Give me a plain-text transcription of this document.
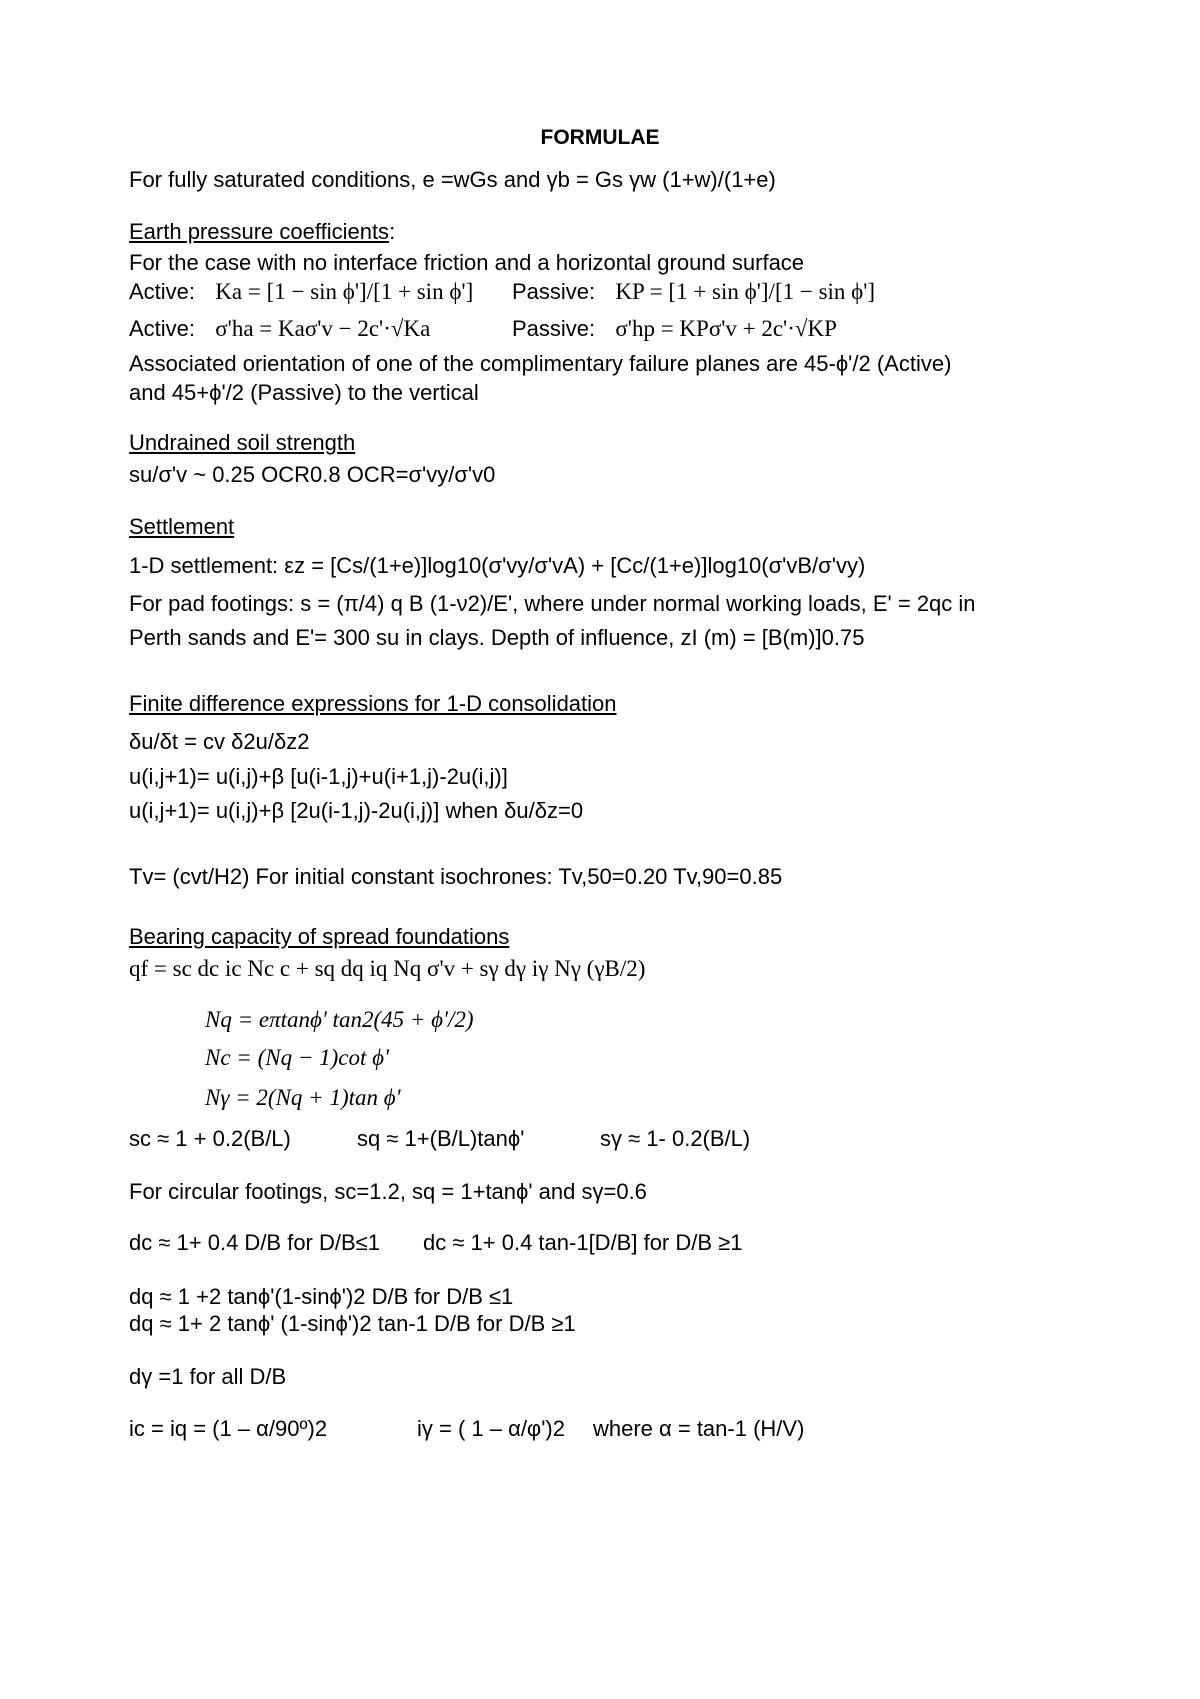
FORMULAE
For fully saturated conditions, e =wGs and γb = Gs γw (1+w)/(1+e)
Earth pressure coefficients:
For the case with no interface friction and a horizontal ground surface
Active: Ka = [1 − sin ϕ']/[1 + sin ϕ'] Passive: KP = [1 + sin ϕ']/[1 − sin ϕ']
Active: σ'ha = Kaσ'v − 2c'·√Ka	Passive: σ'hp = KPσ'v + 2c'·√KP
Associated orientation of one of the complimentary failure planes are 45-ϕ'/2 (Active)
and 45+ϕ'/2 (Passive) to the vertical
Undrained soil strength
su/σ'v ~ 0.25 OCR0.8 OCR=σ'vy/σ'v0
Settlement
1-D settlement: εz = [Cs/(1+e)]log10(σ'vy/σ'vA) + [Cc/(1+e)]log10(σ'vB/σ'vy)
For pad footings: s = (π/4) q B (1-ν2)/E', where under normal working loads, E' = 2qc in
Perth sands and E'= 300 su in clays. Depth of influence, zI (m) = [B(m)]0.75
Finite difference expressions for 1-D consolidation
δu/δt = cv δ2u/δz2
u(i,j+1)= u(i,j)+β [u(i-1,j)+u(i+1,j)-2u(i,j)]
u(i,j+1)= u(i,j)+β [2u(i-1,j)-2u(i,j)] when δu/δz=0
Tv= (cvt/H2) For initial constant isochrones: Tv,50=0.20 Tv,90=0.85
Bearing capacity of spread foundations
qf = sc dc ic Nc c + sq dq iq Nq σ'v + sγ dγ iγ Nγ (γB/2)
Nq = eπtanϕ' tan2(45 + ϕ'/2)
Nc = (Nq − 1)cot ϕ'
Nγ = 2(Nq + 1)tan ϕ'
sc ≈ 1 + 0.2(B/L)	sq ≈ 1+(B/L)tanϕ'	sγ ≈ 1- 0.2(B/L)
For circular footings, sc=1.2, sq = 1+tanϕ' and sγ=0.6
dc ≈ 1+ 0.4 D/B for D/B≤1 dc ≈ 1+ 0.4 tan-1[D/B] for D/B ≥1
dq ≈ 1 +2 tanϕ'(1-sinϕ')2 D/B for D/B ≤1
dq ≈ 1+ 2 tanϕ' (1-sinϕ')2 tan-1 D/B for D/B ≥1
dγ =1 for all D/B
ic = iq = (1 – α/90º)2	iγ = ( 1 – α/φ')2 where α = tan-1 (H/V)
